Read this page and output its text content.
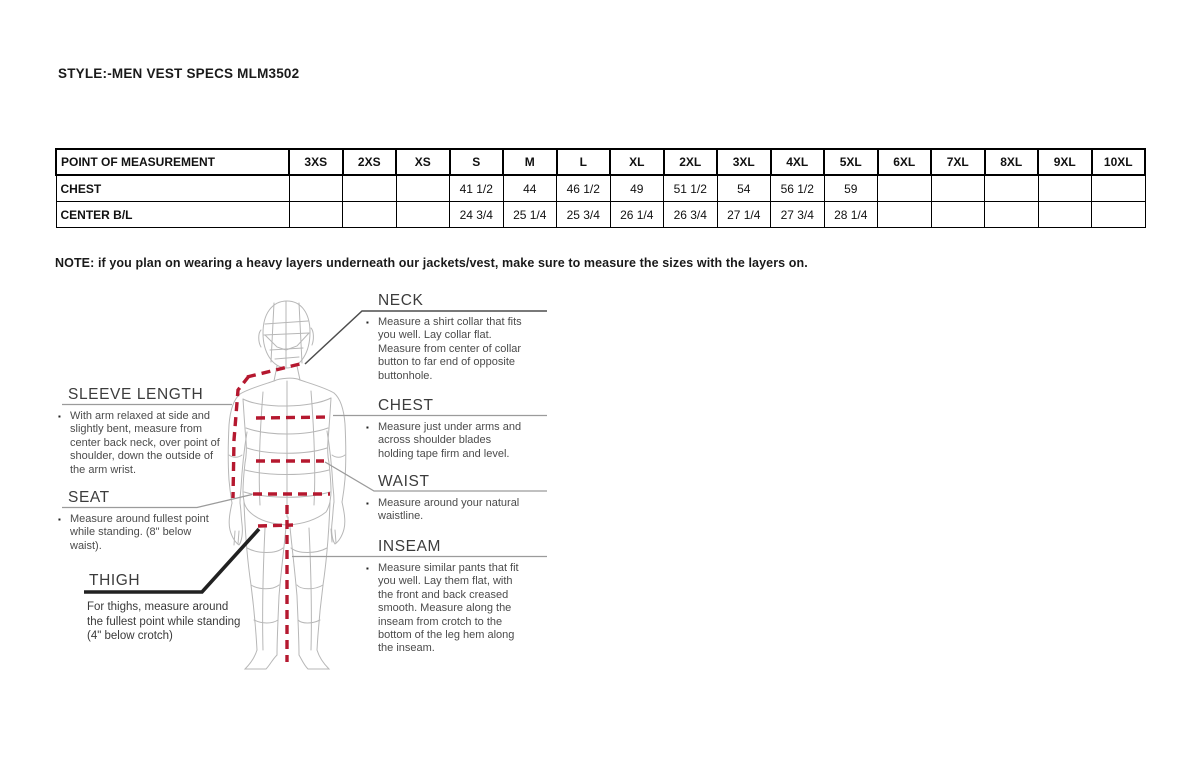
STYLE:-MEN VEST SPECS MLM3502
POINT OF MEASUREMENT	3XS	2XS	XS	S	M	L	XL	2XL	3XL	4XL	5XL	6XL	7XL	8XL	9XL	10XL
CHEST				41 1/2	44	46 1/2	49	51 1/2	54	56 1/2	59					
CENTER B/L				24 3/4	25 1/4	25 3/4	26 1/4	26 3/4	27 1/4	27 3/4	28 1/4					
NOTE: if you plan on wearing a heavy layers underneath our jackets/vest, make sure to measure the sizes with the layers on.
NECK
▪ Measure a shirt collar that fits you well. Lay collar flat. Measure from center of collar button to far end of opposite buttonhole.
CHEST
▪ Measure just under arms and across shoulder blades holding tape firm and level.
WAIST
▪ Measure around your natural waistline.
INSEAM
▪ Measure similar pants that fit you well. Lay them flat, with the front and back creased smooth. Measure along the inseam from crotch to the bottom of the leg hem along the inseam.
SLEEVE LENGTH
▪ With arm relaxed at side and slightly bent, measure from center back neck, over point of shoulder, down the outside of the arm wrist.
SEAT
▪ Measure around fullest point while standing. (8" below waist).
THIGH
For thighs, measure around the fullest point while standing (4" below crotch)
